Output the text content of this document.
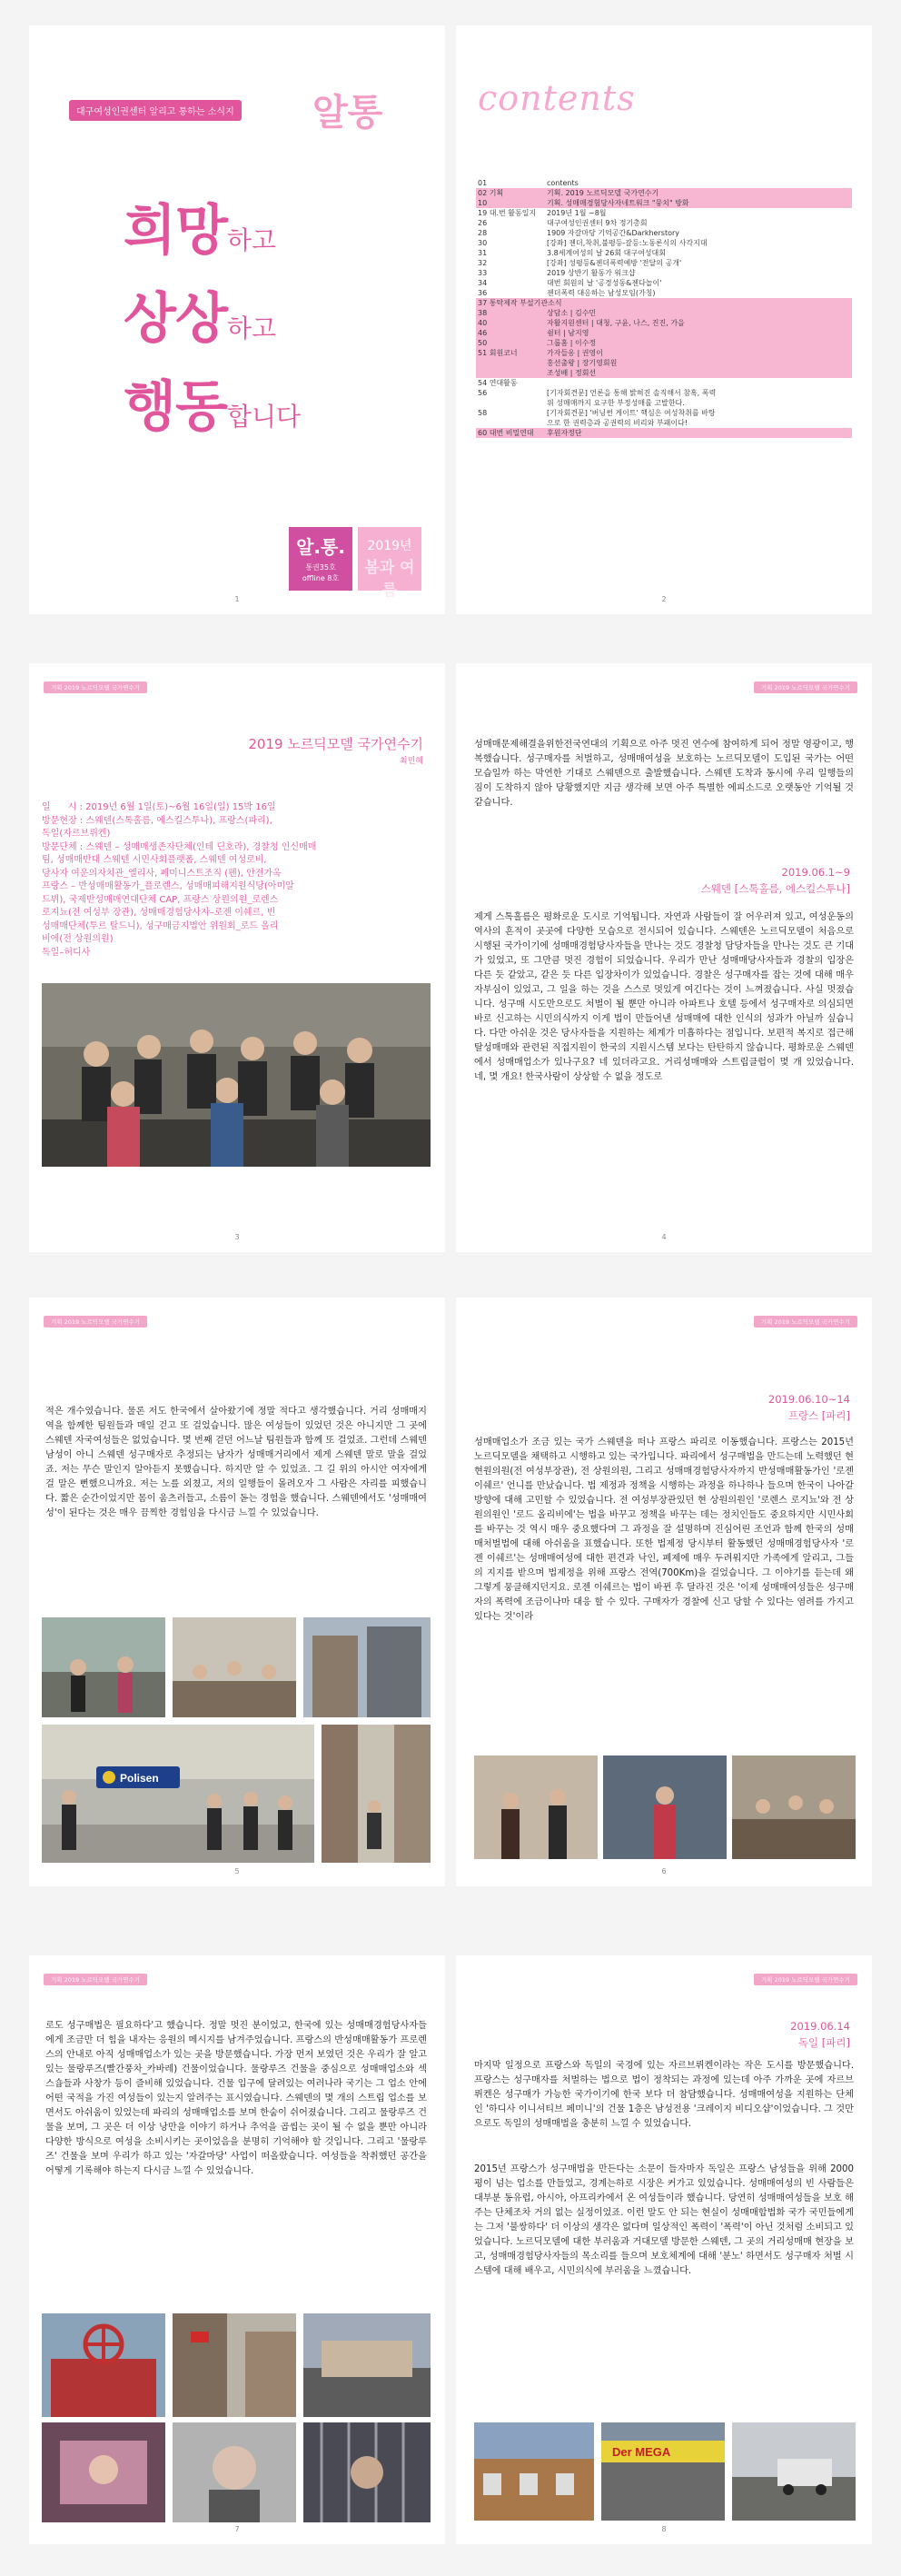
대구여성인권센터 알리고 통하는 소식지 알통
희망하고
상상하고
행동합니다
알.통.
통권35호
offline 8호
2019년
봄과 여름
1
contents
01	contents
02 기획	기획. 2019 노르딕모델 국가연수기
10	기획. 성매매경험당사자네트워크 "뭉치" 방화
19 대.번 활동일지	2019년 1월 ~8월
26	대구여성인권센터 9차 정기총회
28	1909 자갈마당 기억공간&Darkherstory
30	[강좌] 젠더,착취,불평등-갈등:노동론식의 사각지대
31	3.8세계여성의 날 26회 대구여성대회
32	[강좌] 성평등&젠더폭력예방 '전달의 공개'
33	2019 상반기 활동가 워크샵
34	대번 회원의 날 '공경성동&젠다놀이'
36	젠더폭력 대응하는 남성모임(가칭)
37 통탁제작 부설기관소식
38	상담소 | 김수민
40	자활지원센터 | 대청, 구윤, 나스, 진진, 가을
46	쉼터 | 남지영
50	그룹홈 | 이수정
51 회원코너	가자들옹 | 권영이
홍선출왕 | 장기영회원
조성배 | 정회선
54 연대활동
56	[기자회견문] 언론을 통해 밝혀진 솔직해서 참혹, 폭력
위 성매매까지 요구한 부정성매를 고발한다.
58	[기자회견문] '버닝썬 게이트' 핵심은 여성착취를 바탕
으로 한 권력층과 공권력의 비리와 부패이다!
60 대번 비밀연대	후원자정단
2
기획 2019 노르딕모델 국가연수기
2019 노르딕모델 국가연수기
최민혜
일      시 : 2019년 6월 1일(토)~6월 16일(일) 15박 16일
방문현장 : 스웨덴(스톡홀름, 에스킬스투나), 프랑스(파리),
독일(자르브뤼켄)
방문단체 : 스웨덴 – 성매매생존자단체(인테 딘호라), 경찰청 인신매매
팀, 성매매반대 스웨덴 시민사회플랫폼, 스웨덴 여성로비,
당사자 여운의자치관_엘리사, 페미니스트조직 (펜), 안전가옥
프랑스 – 반성매매활동가_플로렌스, 성매매피해지원식당(아미알
드뷔), 국제반성매매연대단체 CAP, 프랑스 상원의원_로렌스
로지뇨(전 여성부 장관), 성매매경험당사자–로젠 이쉐르, 빈
성매매단체(투르 탈드니), 성구매금지법안 위원회_로드 올리
비에(전 상원의원)
독일–허디사
3
기획 2019 노르딕모델 국가연수기
성매매문제해결을위한전국연대의 기획으로 아주 멋진 연수에 참여하게 되어 정말 영광이고, 행복했습니다. 성구매자를 처벌하고, 성매매여성을 보호하는 노르딕모델이 도입된 국가는 어떤 모습일까 하는 막연한 기대로 스웨덴으로 출발했습니다. 스웨덴 도착과 동시에 우리 일행들의 짐이 도착하지 않아 당황했지만 지금 생각해 보면 아주 특별한 에피소드로 오랫동안 기억될 것 같습니다.
2019.06.1~9
스웨덴 [스톡홀름, 에스킬스투나]
제게 스톡홀름은 평화로운 도시로 기억됩니다. 자연과 사람들이 잘 어우러져 있고, 여성운동의 역사의 흔적이 곳곳에 다양한 모습으로 전시되어 있습니다. 스웨덴은 노르딕모델이 처음으로 시행된 국가이기에 성매매경험당사자들을 만나는 것도 경찰청 담당자들을 만나는 것도 큰 기대가 있었고, 또 그만큼 멋진 경험이 되었습니다. 우리가 만난 성매매당사자들과 경찰의 입장은 다른 듯 같았고, 같은 듯 다른 입장차이가 있었습니다. 경찰은 성구매자를 잡는 것에 대해 매우 자부심이 있었고, 그 일을 하는 것을 스스로 멋있게 여긴다는 것이 느껴졌습니다. 사실 멋졌습니다. 성구매 시도만으로도 처벌이 될 뿐만 아니라 아파트나 호텔 등에서 성구매자로 의심되면 바로 신고하는 시민의식까지 이게 법이 만들어낸 성매매에 대한 인식의 성과가 아닐까 싶습니다. 다만 아쉬운 것은 당사자들을 지원하는 체계가 미흡하다는 점입니다. 보편적 복지로 접근해 탈성매매와 관련된 직접지원이 한국의 지원시스템 보다는 탄탄하지 않습니다. 평화로운 스웨덴에서 성매매업소가 있나구요? 네 있더라고요. 거리성매매와 스트립클럽이 몇 개 있었습니다. 네, 몇 개요! 한국사람이 상상할 수 없을 정도로
4
기획 2019 노르딕모델 국가연수기
적은 개수였습니다. 물론 저도 한국에서 살아왔기에 정말 적다고 생각했습니다. 거리 성매매지역을 함께한 팀원들과 매일 걷고 또 걸었습니다. 많은 여성들이 있었던 것은 아니지만 그 곳에 스웨덴 자국여성들은 없었습니다. 몇 번째 걷던 어느날 팀원들과 함께 또 걸었죠. 그런데 스웨덴 남성이 아니 스웨덴 성구매자로 추정되는 남자가 성매매거리에서 제게 스웨덴 말로 말을 걸었죠. 저는 무슨 말인지 알아듣지 못했습니다. 하지만 알 수 있었죠. 그 길 위의 아시안 여자에게 걸 말은 뻔했으니까요. 저는 노를 외쳤고, 저의 일행들이 몰려오자 그 사람은 자리를 피했습니다. 짧은 순간이었지만 몸이 움츠러들고, 소름이 돋는 경험을 했습니다. 스웨덴에서도 '성매매여성'이 된다는 것은 매우 끔찍한 경험임을 다시금 느낄 수 있었습니다.
Polisen
5
기획 2019 노르딕모델 국가연수기
2019.06.10~14
프랑스 [파리]
성매매업소가 조금 있는 국가 스웨덴을 떠나 프랑스 파리로 이동했습니다. 프랑스는 2015년 노르딕모델을 채택하고 시행하고 있는 국가입니다. 파리에서 성구매법을 만드는데 노력했던 현 현원의원(전 여성부장관), 전 상원의원, 그리고 성매매경험당사자까지 반성매매활동가인 '로젠 이쉐르' 언니를 만났습니다. 법 제정과 정책을 시행하는 과정을 하나하나 들으며 한국이 나아갈 방향에 대해 고민할 수 있었습니다. 전 여성부장관있던 현 상원의원인 '로렌스 로지뇨'와 전 상원의원인 '로드 올리비에'는 법을 바꾸고 정책을 바꾸는 데는 정치인들도 중요하지만 시민사회를 바꾸는 것 역시 매우 중요했다며 그 과정을 잘 설명하며 진심어린 조언과 함께 한국의 성매매처벌법에 대해 아쉬움을 표했습니다. 또한 법제정 당시부터 활동했던 성매매경험당사자 '로젠 이쉐르'는 성매매여성에 대한 편견과 낙인, 폐제에 매우 두려워지만 가족에게 알리고, 그들의 지지를 받으며 법제정을 위해 프랑스 전역(700Km)을 걸었습니다. 그 이야기를 듣는데 왜 그렇게 뭉클해지던지요. 로젠 이쉐르는 법이 바뀐 후 달라진 것은 '이제 성매매여성들은 성구매자의 폭력에 조금이나마 대응 할 수 있다. 구매자가 경찰에 신고 당할 수 있다는 염려를 가지고 있다는 것'이라
6
기획 2019 노르딕모델 국가연수기
로도 성구매법은 필요하다'고 했습니다. 정말 멋진 분이었고, 한국에 있는 성매매경험당사자들에게 조금만 더 힘을 내자는 응원의 메시지를 남겨주었습니다. 프랑스의 반성매매활동가 프로렌스의 안내로 아직 성매매업소가 있는 곳을 방문했습니다. 가장 먼저 보였던 것은 우리가 잘 알고 있는 물랑루즈(빨간풍차_카바레) 건물이었습니다. 물랑루즈 건물을 중심으로 성매매업소와 섹스숍들과 사창가 등이 즐비해 있었습니다. 건물 입구에 달려있는 여러나라 국기는 그 업소 안에 어떤 국적을 가진 여성들이 있는지 알려주는 표시였습니다. 스웨덴의 몇 개의 스트립 업소를 보면서도 아쉬움이 있었는데 파리의 성매매업소를 보며 한숨이 쉬어졌습니다. 그리고 물랑루즈 건물을 보며, 그 곳은 더 이상 낭만을 이야기 하거나 추억을 곱씹는 곳이 될 수 없을 뿐만 아니라 다양한 방식으로 여성을 소비시키는 곳이었음을 분명히 기억해야 할 것입니다. 그리고 '물랑루즈' 건물을 보며 우리가 하고 있는 '자갈마당' 사업이 떠올랐습니다. 여성들을 착취했던 공간을 어떻게 기록해야 하는지 다시금 느낄 수 있었습니다.
7
기획 2019 노르딕모델 국가연수기
2019.06.14
독일 [파리]
마지막 일정으로 프랑스와 독일의 국경에 있는 자르브뤼켄이라는 작은 도시를 방문했습니다. 프랑스는 성구매자를 처벌하는 법으로 법이 정착되는 과정에 있는데 아주 가까운 곳에 자르브뤼켄은 성구매가 가능한 국가이기에 한국 보다 더 참담했습니다. 성매매여성을 지원하는 단체인 '하디사 이니셔티브 페미니'의 건물 1층은 남성전용 '크레이지 비디오샵'이었습니다. 그 것만으로도 독일의 성매매법을 충분히 느낄 수 있었습니다.
2015년 프랑스가 성구매법을 만든다는 소문이 들자마자 독일은 프랑스 남성들을 위해 2000평이 넘는 업소를 만들었고, 경계는하로 시장은 커가고 있었습니다. 성매매여성의 빈 사람들은 대부분 동유럽, 아시아, 아프리카에서 온 여성들이라 했습니다. 당연히 성매매여성들을 보호 해 주는 단체조차 거의 없는 실정이었죠. 이런 말도 안 되는 현실이 성매매합법화 국가 국민들에게는 그저 '불쌍하다' 더 이상의 생각은 없다며 일상적인 폭력이 '폭력'이 아닌 것처럼 소비되고 있었습니다. 노르딕모델에 대한 부러움과 거대모델 방문한 스웨덴, 그 곳의 거리성매매 현장을 보고, 성매매경험당사자들의 목소리를 들으며 보호체계에 대해 '분노' 하면서도 성구매자 처벌 시스템에 대해 배우고, 시민의식에 부러움을 느꼈습니다.
Der MEGA
8
